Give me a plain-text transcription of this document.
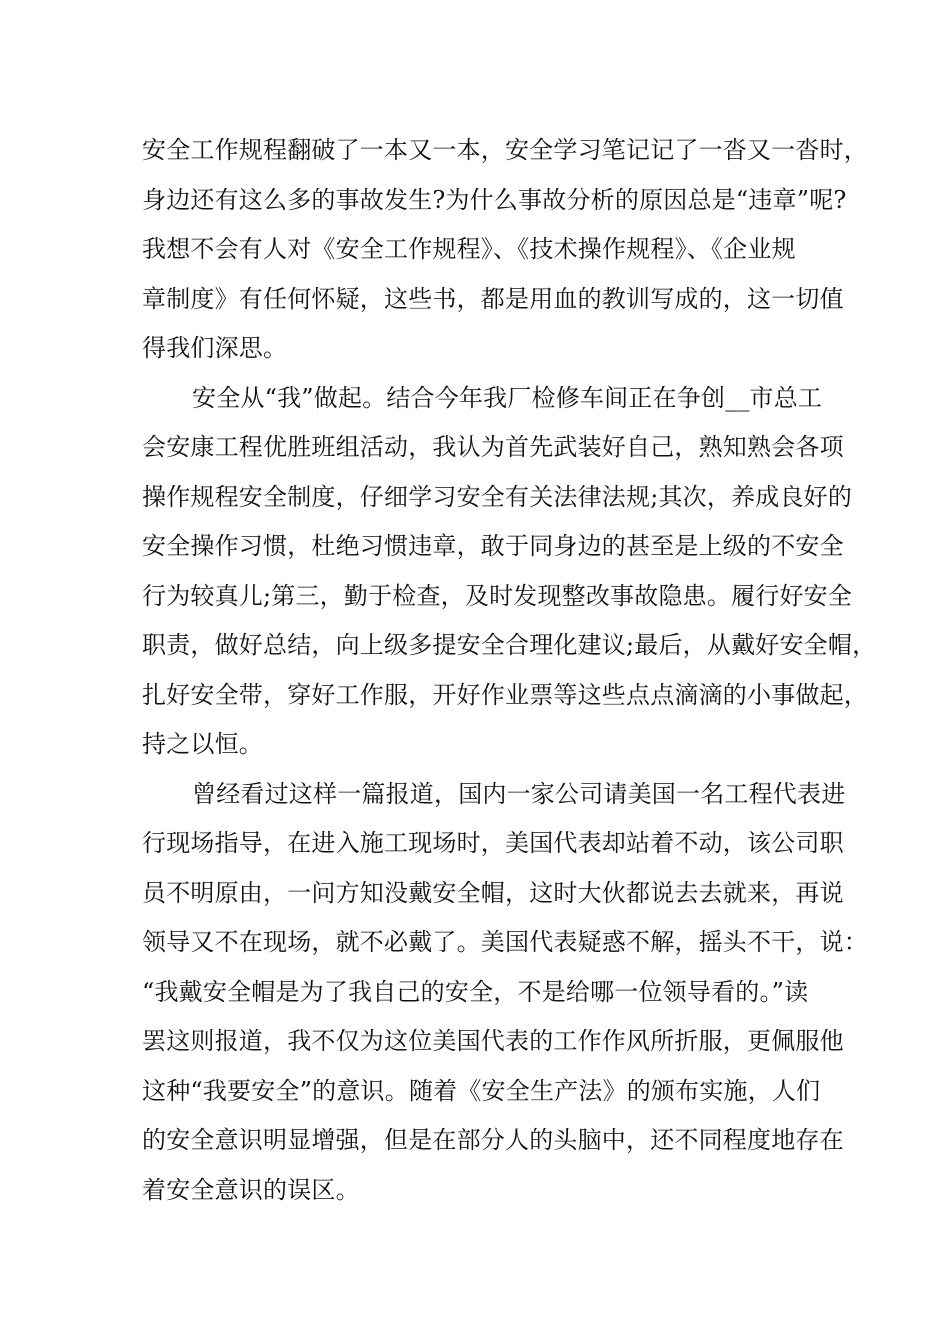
安全工作规程翻破了一本又一本，安全学习笔记记了一沓又一沓时，
身边还有这么多的事故发生?为什么事故分析的原因总是“违章”呢?
我想不会有人对《安全工作规程》、《技术操作规程》、《企业规
章制度》有任何怀疑，这些书，都是用血的教训写成的，这一切值
得我们深思。
安全从“我”做起。结合今年我厂检修车间正在争创__市总工
会安康工程优胜班组活动，我认为首先武装好自己，熟知熟会各项
操作规程安全制度，仔细学习安全有关法律法规;其次，养成良好的
安全操作习惯，杜绝习惯违章，敢于同身边的甚至是上级的不安全
行为较真儿;第三，勤于检查，及时发现整改事故隐患。履行好安全
职责，做好总结，向上级多提安全合理化建议;最后，从戴好安全帽，
扎好安全带，穿好工作服，开好作业票等这些点点滴滴的小事做起，
持之以恒。
曾经看过这样一篇报道，国内一家公司请美国一名工程代表进
行现场指导，在进入施工现场时，美国代表却站着不动，该公司职
员不明原由，一问方知没戴安全帽，这时大伙都说去去就来，再说
领导又不在现场，就不必戴了。美国代表疑惑不解，摇头不干，说：
“我戴安全帽是为了我自己的安全，不是给哪一位领导看的。”读
罢这则报道，我不仅为这位美国代表的工作作风所折服，更佩服他
这种“我要安全”的意识。随着《安全生产法》的颁布实施，人们
的安全意识明显增强，但是在部分人的头脑中，还不同程度地存在
着安全意识的误区。
